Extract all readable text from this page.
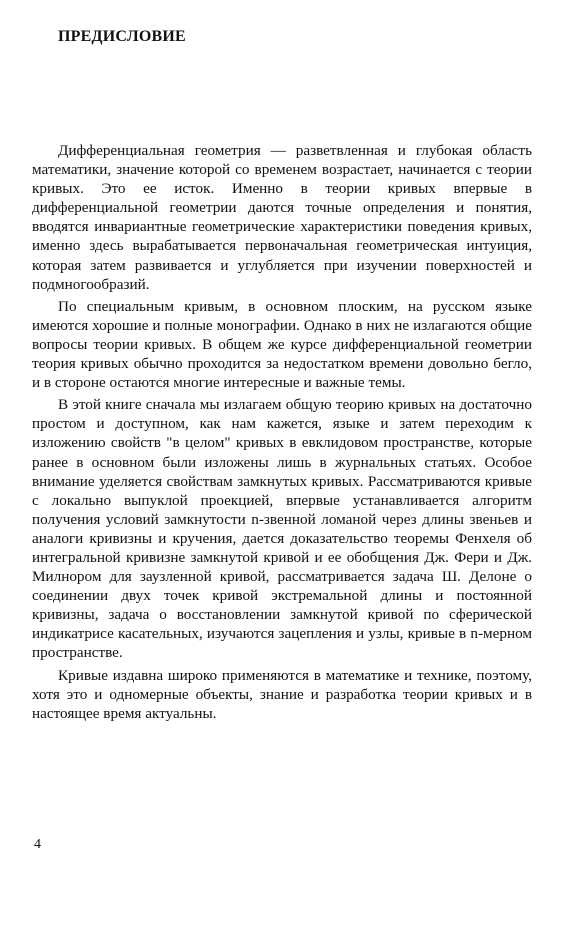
ПРЕДИСЛОВИЕ

Дифференциальная геометрия — разветвленная и глубокая область математики, значение которой со временем возрастает, начинается с теории кривых. Это ее исток. Именно в теории кривых впервые в дифференциальной геометрии даются точные определения и понятия, вводятся инвариантные геометрические характеристики поведения кривых, именно здесь вырабатывается первоначальная геометрическая интуиция, которая затем развивается и углубляется при изучении поверхностей и подмногообразий.

По специальным кривым, в основном плоским, на русском языке имеются хорошие и полные монографии. Однако в них не излагаются общие вопросы теории кривых. В общем же курсе дифференциальной геометрии теория кривых обычно проходится за недостатком времени довольно бегло, и в стороне остаются многие интересные и важные темы.

В этой книге сначала мы излагаем общую теорию кривых на достаточно простом и доступном, как нам кажется, языке и затем переходим к изложению свойств "в целом" кривых в евклидовом пространстве, которые ранее в основном были изложены лишь в журнальных статьях. Особое внимание уделяется свойствам замкнутых кривых. Рассматриваются кривые с локально выпуклой проекцией, впервые устанавливается алгоритм получения условий замкнутости n-звенной ломаной через длины звеньев и аналоги кривизны и кручения, дается доказательство теоремы Фенхеля об интегральной кривизне замкнутой кривой и ее обобщения Дж. Фери и Дж. Милнором для заузленной кривой, рассматривается задача Ш. Делоне о соединении двух точек кривой экстремальной длины и постоянной кривизны, задача о восстановлении замкнутой кривой по сферической индикатрисе касательных, изучаются зацепления и узлы, кривые в n-мерном пространстве.

Кривые издавна широко применяются в математике и технике, поэтому, хотя это и одномерные объекты, знание и разработка теории кривых и в настоящее время актуальны.

4
